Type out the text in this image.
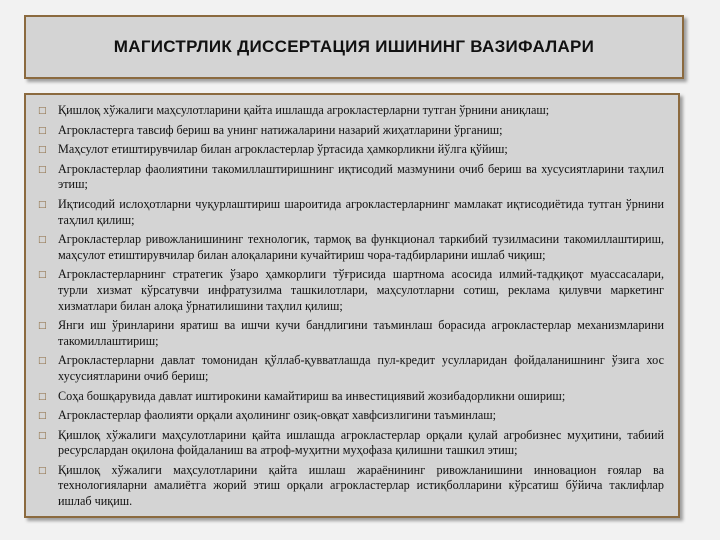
МАГИСТРЛИК ДИССЕРТАЦИЯ ИШИНИНГ ВАЗИФАЛАРИ
□ Қишлоқ хўжалиги маҳсулотларини қайта ишлашда агрокластерларни тутган ўрнини аниқлаш;
□ Агрокластерга тавсиф бериш ва унинг натижаларини назарий жиҳатларини ўрганиш;
□ Маҳсулот етиштирувчилар билан агрокластерлар ўртасида ҳамкорликни йўлга қўйиш;
□ Агрокластерлар фаолиятини такомиллаштиришнинг иқтисодий мазмунини очиб бериш ва хусусиятларини таҳлил этиш;
□ Иқтисодий ислоҳотларни чуқурлаштириш шароитида агрокластерларнинг мамлакат иқтисодиётида тутган ўрнини таҳлил қилиш;
□ Агрокластерлар ривожланишининг технологик, тармоқ ва функционал таркибий тузилмасини такомиллаштириш, маҳсулот етиштирувчилар билан алоқаларини кучайтириш чора-тадбирларини ишлаб чиқиш;
□ Агрокластерларнинг стратегик ўзаро ҳамкорлиги тўғрисида шартнома асосида илмий-тадқиқот муассасалари, турли хизмат кўрсатувчи инфратузилма ташкилотлари, маҳсулотларни сотиш, реклама қилувчи маркетинг хизматлари билан алоқа ўрнатилишини таҳлил қилиш;
□ Янги иш ўринларини яратиш ва ишчи кучи бандлигини таъминлаш борасида агрокластерлар механизмларини такомиллаштириш;
□ Агрокластерларни давлат томонидан қўллаб-қувватлашда пул-кредит усулларидан фойдаланишнинг ўзига хос хусусиятларини очиб бериш;
□ Соҳа бошқарувида давлат иштирокини камайтириш ва инвестициявий жозибадорликни ошириш;
□ Агрокластерлар фаолияти орқали аҳолининг озиқ-овқат хавфсизлигини таъминлаш;
□ Қишлоқ хўжалиги маҳсулотларини қайта ишлашда агрокластерлар орқали қулай агробизнес муҳитини, табиий ресурслардан оқилона фойдаланиш ва атроф-муҳитни муҳофаза қилишни ташкил этиш;
□ Қишлоқ хўжалиги маҳсулотларини қайта ишлаш жараёнининг ривожланишини инновацион ғоялар ва технологияларни амалиётга жорий этиш орқали агрокластерлар истиқболларини кўрсатиш бўйича таклифлар ишлаб чиқиш.
